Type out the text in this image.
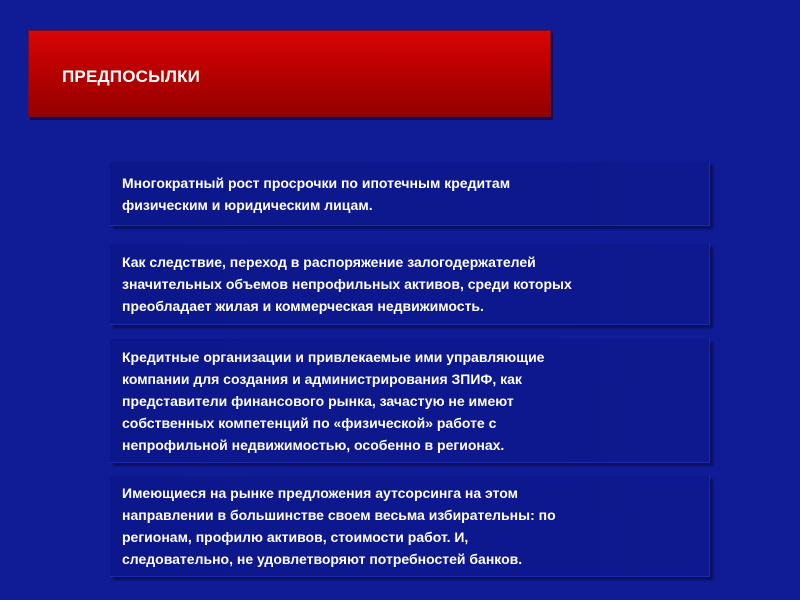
ПРЕДПОСЫЛКИ
Многократный рост просрочки по ипотечным кредитам
физическим и юридическим лицам.
Как следствие, переход в распоряжение залогодержателей
значительных объемов непрофильных активов, среди которых
преобладает жилая и коммерческая недвижимость.
Кредитные организации и привлекаемые ими управляющие
компании для создания и администрирования ЗПИФ, как
представители финансового рынка, зачастую не имеют
собственных компетенций по «физической» работе с
непрофильной недвижимостью, особенно в регионах.
Имеющиеся на рынке предложения аутсорсинга на этом
направлении в большинстве своем весьма избирательны: по
регионам, профилю активов, стоимости работ. И,
следовательно, не удовлетворяют потребностей банков.
